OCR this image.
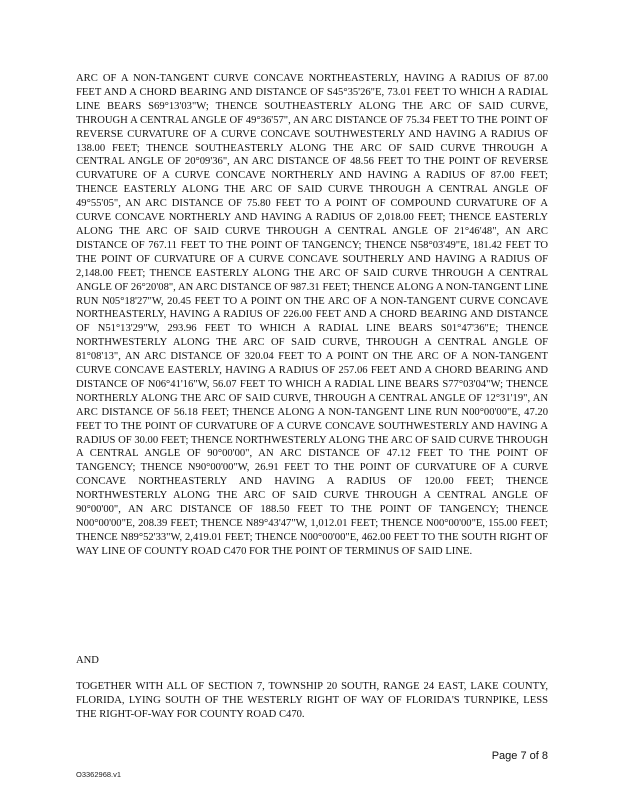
ARC OF A NON-TANGENT CURVE CONCAVE NORTHEASTERLY, HAVING A RADIUS OF 87.00 FEET AND A CHORD BEARING AND DISTANCE OF S45°35'26"E, 73.01 FEET TO WHICH A RADIAL LINE BEARS S69°13'03"W; THENCE SOUTHEASTERLY ALONG THE ARC OF SAID CURVE, THROUGH A CENTRAL ANGLE OF 49°36'57", AN ARC DISTANCE OF 75.34 FEET TO THE POINT OF REVERSE CURVATURE OF A CURVE CONCAVE SOUTHWESTERLY AND HAVING A RADIUS OF 138.00 FEET; THENCE SOUTHEASTERLY ALONG THE ARC OF SAID CURVE THROUGH A CENTRAL ANGLE OF 20°09'36", AN ARC DISTANCE OF 48.56 FEET TO THE POINT OF REVERSE CURVATURE OF A CURVE CONCAVE NORTHERLY AND HAVING A RADIUS OF 87.00 FEET; THENCE EASTERLY ALONG THE ARC OF SAID CURVE THROUGH A CENTRAL ANGLE OF 49°55'05", AN ARC DISTANCE OF 75.80 FEET TO A POINT OF COMPOUND CURVATURE OF A CURVE CONCAVE NORTHERLY AND HAVING A RADIUS OF 2,018.00 FEET; THENCE EASTERLY ALONG THE ARC OF SAID CURVE THROUGH A CENTRAL ANGLE OF 21°46'48", AN ARC DISTANCE OF 767.11 FEET TO THE POINT OF TANGENCY; THENCE N58°03'49"E, 181.42 FEET TO THE POINT OF CURVATURE OF A CURVE CONCAVE SOUTHERLY AND HAVING A RADIUS OF 2,148.00 FEET; THENCE EASTERLY ALONG THE ARC OF SAID CURVE THROUGH A CENTRAL ANGLE OF 26°20'08", AN ARC DISTANCE OF 987.31 FEET; THENCE ALONG A NON-TANGENT LINE RUN N05°18'27"W, 20.45 FEET TO A POINT ON THE ARC OF A NON-TANGENT CURVE CONCAVE NORTHEASTERLY, HAVING A RADIUS OF 226.00 FEET AND A CHORD BEARING AND DISTANCE OF N51°13'29"W, 293.96 FEET TO WHICH A RADIAL LINE BEARS S01°47'36"E; THENCE NORTHWESTERLY ALONG THE ARC OF SAID CURVE, THROUGH A CENTRAL ANGLE OF 81°08'13", AN ARC DISTANCE OF 320.04 FEET TO A POINT ON THE ARC OF A NON-TANGENT CURVE CONCAVE EASTERLY, HAVING A RADIUS OF 257.06 FEET AND A CHORD BEARING AND DISTANCE OF N06°41'16"W, 56.07 FEET TO WHICH A RADIAL LINE BEARS S77°03'04"W; THENCE NORTHERLY ALONG THE ARC OF SAID CURVE, THROUGH A CENTRAL ANGLE OF 12°31'19", AN ARC DISTANCE OF 56.18 FEET; THENCE ALONG A NON-TANGENT LINE RUN N00°00'00"E, 47.20 FEET TO THE POINT OF CURVATURE OF A CURVE CONCAVE SOUTHWESTERLY AND HAVING A RADIUS OF 30.00 FEET; THENCE NORTHWESTERLY ALONG THE ARC OF SAID CURVE THROUGH A CENTRAL ANGLE OF 90°00'00", AN ARC DISTANCE OF 47.12 FEET TO THE POINT OF TANGENCY; THENCE N90°00'00"W, 26.91 FEET TO THE POINT OF CURVATURE OF A CURVE CONCAVE NORTHEASTERLY AND HAVING A RADIUS OF 120.00 FEET; THENCE NORTHWESTERLY ALONG THE ARC OF SAID CURVE THROUGH A CENTRAL ANGLE OF 90°00'00", AN ARC DISTANCE OF 188.50 FEET TO THE POINT OF TANGENCY; THENCE N00°00'00"E, 208.39 FEET; THENCE N89°43'47"W, 1,012.01 FEET; THENCE N00°00'00"E, 155.00 FEET; THENCE N89°52'33"W, 2,419.01 FEET; THENCE N00°00'00"E, 462.00 FEET TO THE SOUTH RIGHT OF WAY LINE OF COUNTY ROAD C470 FOR THE POINT OF TERMINUS OF SAID LINE.

AND

TOGETHER WITH ALL OF SECTION 7, TOWNSHIP 20 SOUTH, RANGE 24 EAST, LAKE COUNTY, FLORIDA, LYING SOUTH OF THE WESTERLY RIGHT OF WAY OF FLORIDA'S TURNPIKE, LESS THE RIGHT-OF-WAY FOR COUNTY ROAD C470.

Page 7 of 8

O3362968.v1
